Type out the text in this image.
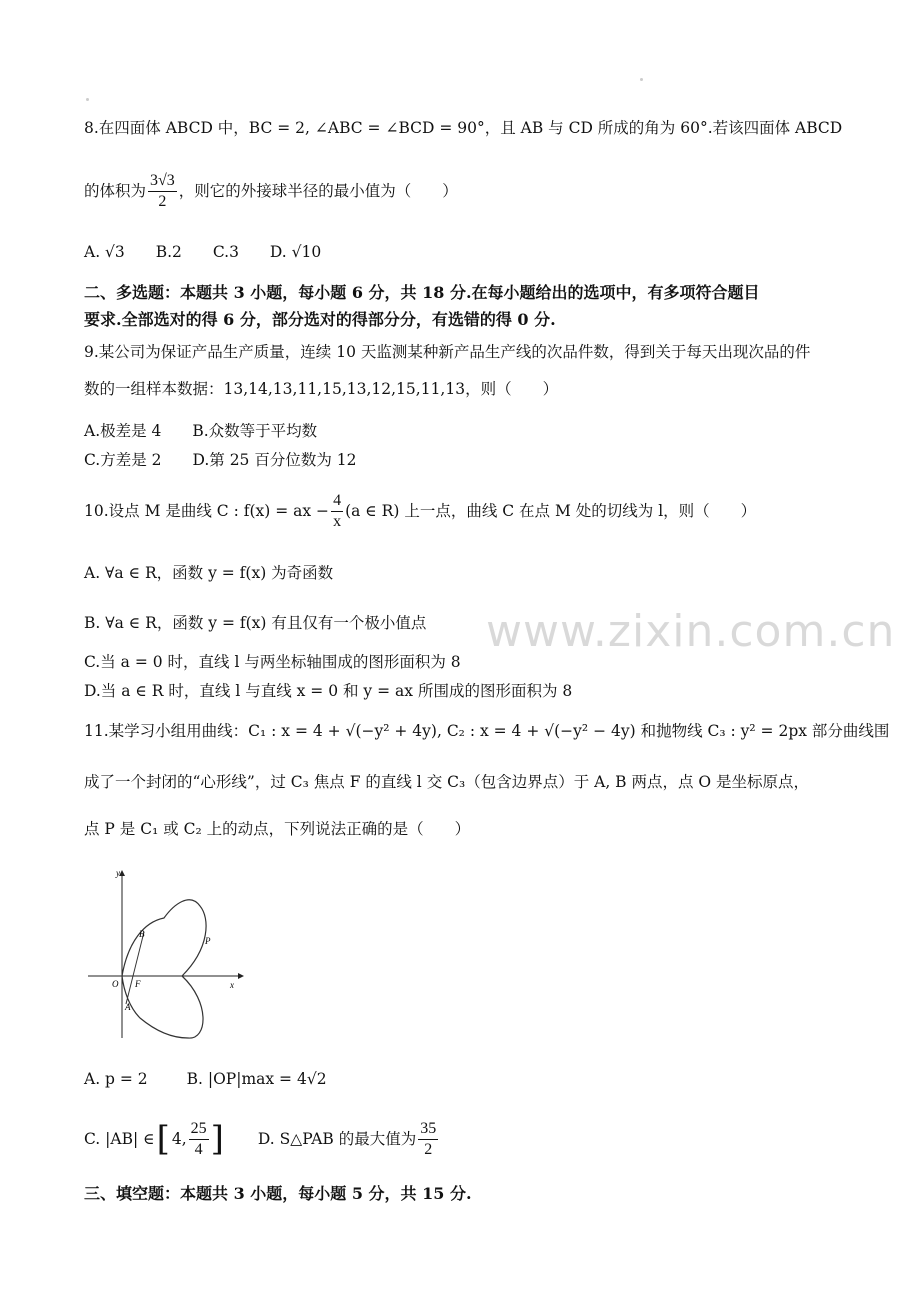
8.在四面体 ABCD 中，BC = 2, ∠ABC = ∠BCD = 90°，且 AB 与 CD 所成的角为 60°.若该四面体 ABCD
的体积为 $\frac{3√3}{2}$ ，则它的外接球半径的最小值为（　　）
A. √3 B.2 C.3 D. √10
二、多选题：本题共 3 小题，每小题 6 分，共 18 分.在每小题给出的选项中，有多项符合题目
要求.全部选对的得 6 分，部分选对的得部分分，有选错的得 0 分.
9.某公司为保证产品生产质量，连续 10 天监测某种新产品生产线的次品件数，得到关于每天出现次品的件
数的一组样本数据：13,14,13,11,15,13,12,15,11,13，则（　　）
A.极差是 4 B.众数等于平均数
C.方差是 2 D.第 25 百分位数为 12
10.设点 M 是曲线 C : f(x) = ax − $\frac{4}{x} (a$ ∈ R) 上一点，曲线 C 在点 M 处的切线为 l，则（　　）
A. ∀a ∈ R，函数 y = f(x) 为奇函数
B. ∀a ∈ R，函数 y = f(x) 有且仅有一个极小值点
C.当 a = 0 时，直线 l 与两坐标轴围成的图形面积为 8
D.当 a ∈ R 时，直线 l 与直线 x = 0 和 y = ax 所围成的图形面积为 8
11.某学习小组用曲线：C₁ : x = 4 + √(−y² + 4y), C₂ : x = 4 + √(−y² − 4y) 和抛物线 C₃ : y² = 2px 部分曲线围
成了一个封闭的“心形线”，过 C₃ 焦点 F 的直线 l 交 C₃（包含边界点）于 A, B 两点，点 O 是坐标原点，
点 P 是 C₁ 或 C₂ 上的动点，下列说法正确的是（　　）
y
x
B
P
O F
A
A. p = 2	B. |OP|max = 4√2
C. |AB| ∈ [ 4, $\frac{25}{4}$ ] D. S△PAB 的最大值为 $\frac{35}{2}$
三、填空题：本题共 3 小题，每小题 5 分，共 15 分.
www.zixin.com.cn
